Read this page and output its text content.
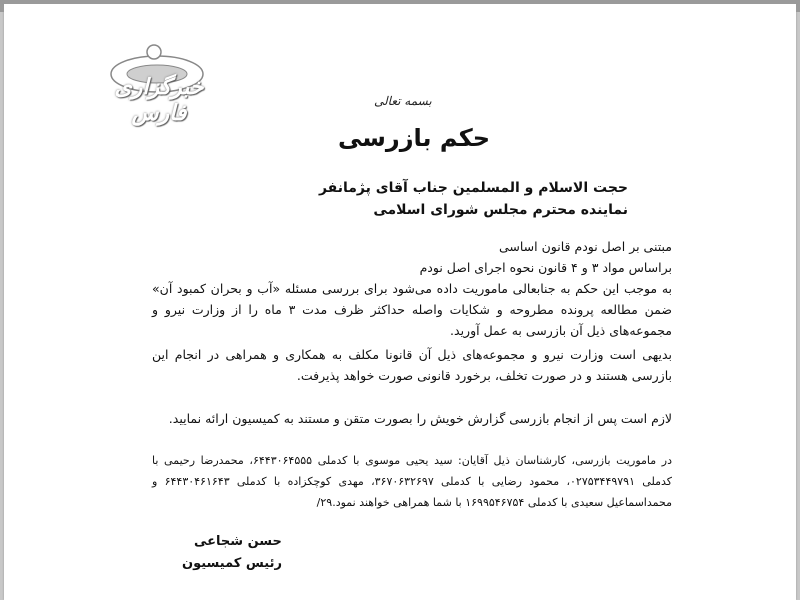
خبرگزاری فارس	بسمه تعالی
حکم بازرسی
حجت الاسلام و المسلمین جناب آقای پژمانفر
نماینده محترم مجلس شورای اسلامی
مبتنی بر اصل نودم قانون اساسی
براساس مواد ۳ و ۴ قانون نحوه اجرای اصل نودم
به موجب این حکم به جنابعالی ماموریت داده می‌شود برای بررسی مسئله «آب و بحران کمبود آن» ضمن مطالعه پرونده مطروحه و شکایات واصله حداکثر ظرف مدت ۳ ماه را از وزارت نیرو و مجموعه‌های ذیل آن بازرسی به عمل آورید.
بدیهی است وزارت نیرو و مجموعه‌های ذیل آن قانونا مکلف به همکاری و همراهی در انجام این بازرسی هستند و در صورت تخلف، برخورد قانونی صورت خواهد پذیرفت.
لازم است پس از انجام بازرسی گزارش خویش را بصورت متقن و مستند به کمیسیون ارائه نمایید.
در ماموریت بازرسی، کارشناسان ذیل آقایان: سید یحیی موسوی با کدملی ۶۴۴۳۰۶۴۵۵۵، محمدرضا رحیمی با کدملی ۰۲۷۵۳۴۴۹۷۹۱، محمود رضایی با کدملی ۳۶۷۰۶۳۲۶۹۷، مهدی کوچکزاده با کدملی ۶۴۴۳۰۴۶۱۶۴۳ و محمداسماعیل سعیدی با کدملی ۱۶۹۹۵۴۶۷۵۴ با شما همراهی خواهند نمود.۲۹/
حسن شجاعی
رئیس کمیسیون
